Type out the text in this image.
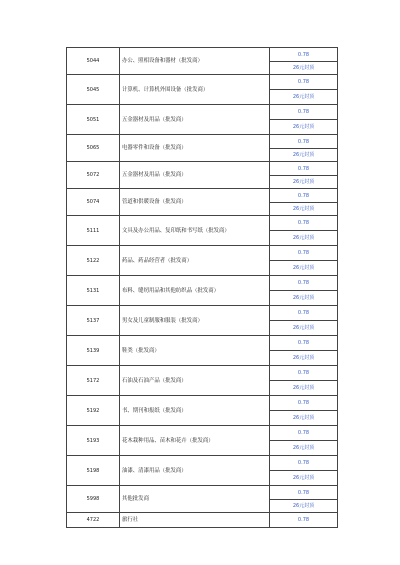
5044	办公、照相设备和器材（批发商）	0.78
		26元封顶
5045	计算机、计算机外围设备（批发商）	0.78
		26元封顶
5051	五金器材及用品（批发商）	0.78
		26元封顶
5065	电器零件和设备（批发商）	0.78
		26元封顶
5072	五金器材及用品（批发商）	0.78
		26元封顶
5074	管道和供暖设备（批发商）	0.78
		26元封顶
5111	文具及办公用品、复印纸和书写纸（批发商）	0.78
		26元封顶
5122	药品、药品经营者（批发商）	0.78
		26元封顶
5131	布料、缝纫用品和其他纺织品（批发商）	0.78
		26元封顶
5137	男女及儿童制服和服装（批发商）	0.78
		26元封顶
5139	鞋类（批发商）	0.78
		26元封顶
5172	石油及石油产品（批发商）	0.78
		26元封顶
5192	书、期刊和报纸（批发商）	0.78
		26元封顶
5193	花木栽种用品、苗木和花卉（批发商）	0.78
		26元封顶
5198	油漆、清漆用品（批发商）	0.78
		26元封顶
5998	其他批发商	0.78
		26元封顶
4722	旅行社	0.78
